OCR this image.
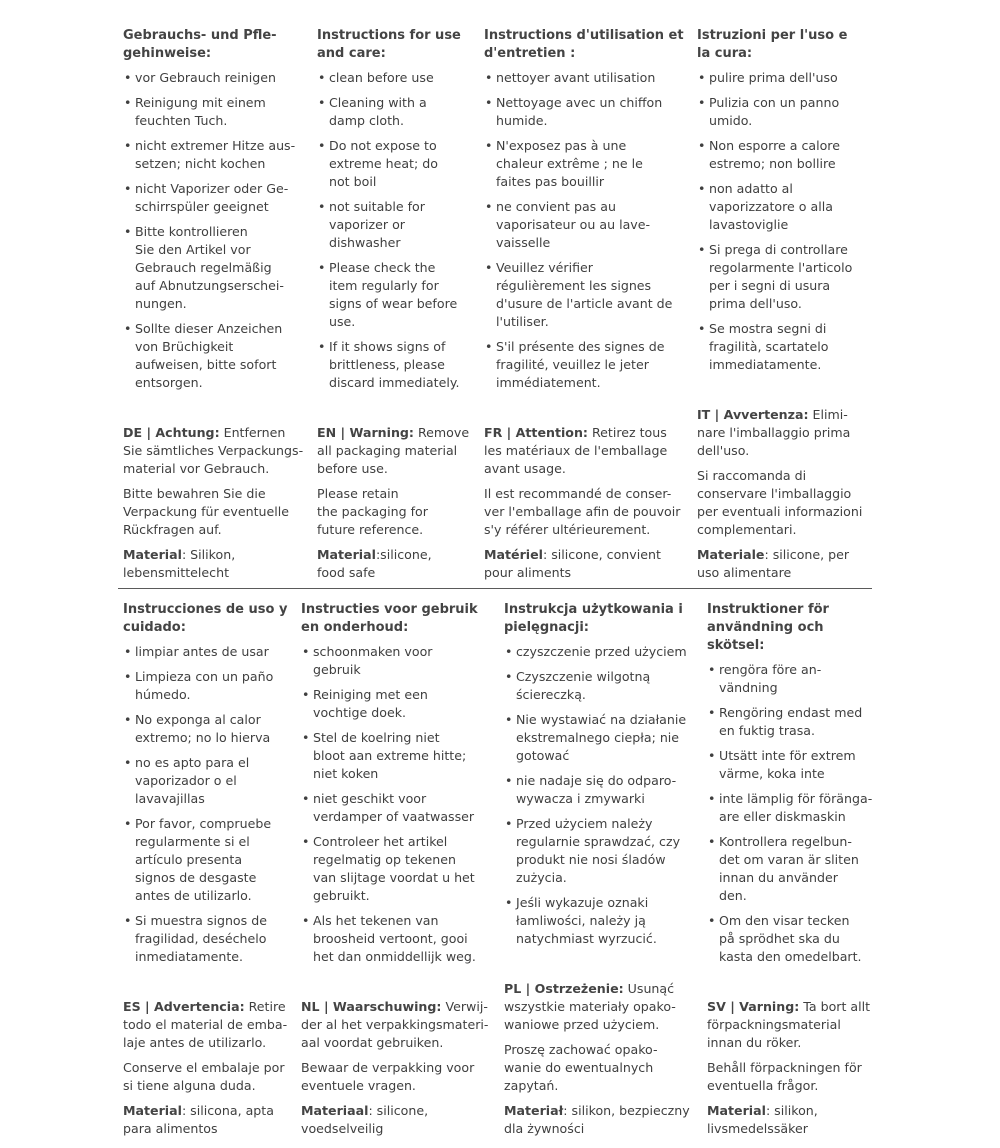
Gebrauchs- und Pfle-
gehinweise:
• vor Gebrauch reinigen
• Reinigung mit einem
feuchten Tuch.
• nicht extremer Hitze aus-
setzen; nicht kochen
• nicht Vaporizer oder Ge-
schirrspüler geeignet
• Bitte kontrollieren
Sie den Artikel vor
Gebrauch regelmäßig
auf Abnutzungserschei-
nungen.
• Sollte dieser Anzeichen
von Brüchigkeit
aufweisen, bitte sofort
entsorgen.

DE | Achtung: Entfernen
Sie sämtliches Verpackungs-
material vor Gebrauch.

Bitte bewahren Sie die
Verpackung für eventuelle
Rückfragen auf.

Material: Silikon,
lebensmittelecht

Instructions for use
and care:
• clean before use
• Cleaning with a
damp cloth.
• Do not expose to
extreme heat; do
not boil
• not suitable for
vaporizer or
dishwasher
• Please check the
item regularly for
signs of wear before
use.
• If it shows signs of
brittleness, please
discard immediately.

EN | Warning: Remove
all packaging material
before use.

Please retain
the packaging for
future reference.

Material:silicone,
food safe

Instructions d'utilisation et
d'entretien :
• nettoyer avant utilisation
• Nettoyage avec un chiffon
humide.
• N'exposez pas à une
chaleur extrême ; ne le
faites pas bouillir
• ne convient pas au
vaporisateur ou au lave-
vaisselle
• Veuillez vérifier
régulièrement les signes
d'usure de l'article avant de
l'utiliser.
• S'il présente des signes de
fragilité, veuillez le jeter
immédiatement.

FR | Attention: Retirez tous
les matériaux de l'emballage
avant usage.

Il est recommandé de conser-
ver l'emballage afin de pouvoir
s'y référer ultérieurement.

Matériel: silicone, convient
pour aliments

Istruzioni per l'uso e
la cura:
• pulire prima dell'uso
• Pulizia con un panno
umido.
• Non esporre a calore
estremo; non bollire
• non adatto al
vaporizzatore o alla
lavastoviglie
• Si prega di controllare
regolarmente l'articolo
per i segni di usura
prima dell'uso.
• Se mostra segni di
fragilità, scartatelo
immediatamente.

IT | Avvertenza: Elimi-
nare l'imballaggio prima
dell'uso.

Si raccomanda di
conservare l'imballaggio
per eventuali informazioni
complementari.

Materiale: silicone, per
uso alimentare

Instrucciones de uso y
cuidado:
• limpiar antes de usar
• Limpieza con un paño
húmedo.
• No exponga al calor
extremo; no lo hierva
• no es apto para el
vaporizador o el
lavavajillas
• Por favor, compruebe
regularmente si el
artículo presenta
signos de desgaste
antes de utilizarlo.
• Si muestra signos de
fragilidad, deséchelo
inmediatamente.

ES | Advertencia: Retire
todo el material de emba-
laje antes de utilizarlo.

Conserve el embalaje por
si tiene alguna duda.

Material: silicona, apta
para alimentos

Instructies voor gebruik
en onderhoud:
• schoonmaken voor
gebruik
• Reiniging met een
vochtige doek.
• Stel de koelring niet
bloot aan extreme hitte;
niet koken
• niet geschikt voor
verdamper of vaatwasser
• Controleer het artikel
regelmatig op tekenen
van slijtage voordat u het
gebruikt.
• Als het tekenen van
broosheid vertoont, gooi
het dan onmiddellijk weg.

NL | Waarschuwing: Verwij-
der al het verpakkingsmateri-
aal voordat gebruiken.

Bewaar de verpakking voor
eventuele vragen.

Materiaal: silicone,
voedselveilig

Instrukcja użytkowania i
pielęgnacji:
• czyszczenie przed użyciem
• Czyszczenie wilgotną
ściereczką.
• Nie wystawiać na działanie
ekstremalnego ciepła; nie
gotować
• nie nadaje się do odparo-
wywacza i zmywarki
• Przed użyciem należy
regularnie sprawdzać, czy
produkt nie nosi śladów
zużycia.
• Jeśli wykazuje oznaki
łamliwości, należy ją
natychmiast wyrzucić.

PL | Ostrzeżenie: Usunąć
wszystkie materiały opako-
waniowe przed użyciem.

Proszę zachować opako-
wanie do ewentualnych
zapytań.

Materiał: silikon, bezpieczny
dla żywności

Instruktioner för
användning och
skötsel:
• rengöra före an-
vändning
• Rengöring endast med
en fuktig trasa.
• Utsätt inte för extrem
värme, koka inte
• inte lämplig för föränga-
are eller diskmaskin
• Kontrollera regelbun-
det om varan är sliten
innan du använder
den.
• Om den visar tecken
på sprödhet ska du
kasta den omedelbart.

SV | Varning: Ta bort allt
förpackningsmaterial
innan du röker.

Behåll förpackningen för
eventuella frågor.

Material: silikon,
livsmedelssäker
